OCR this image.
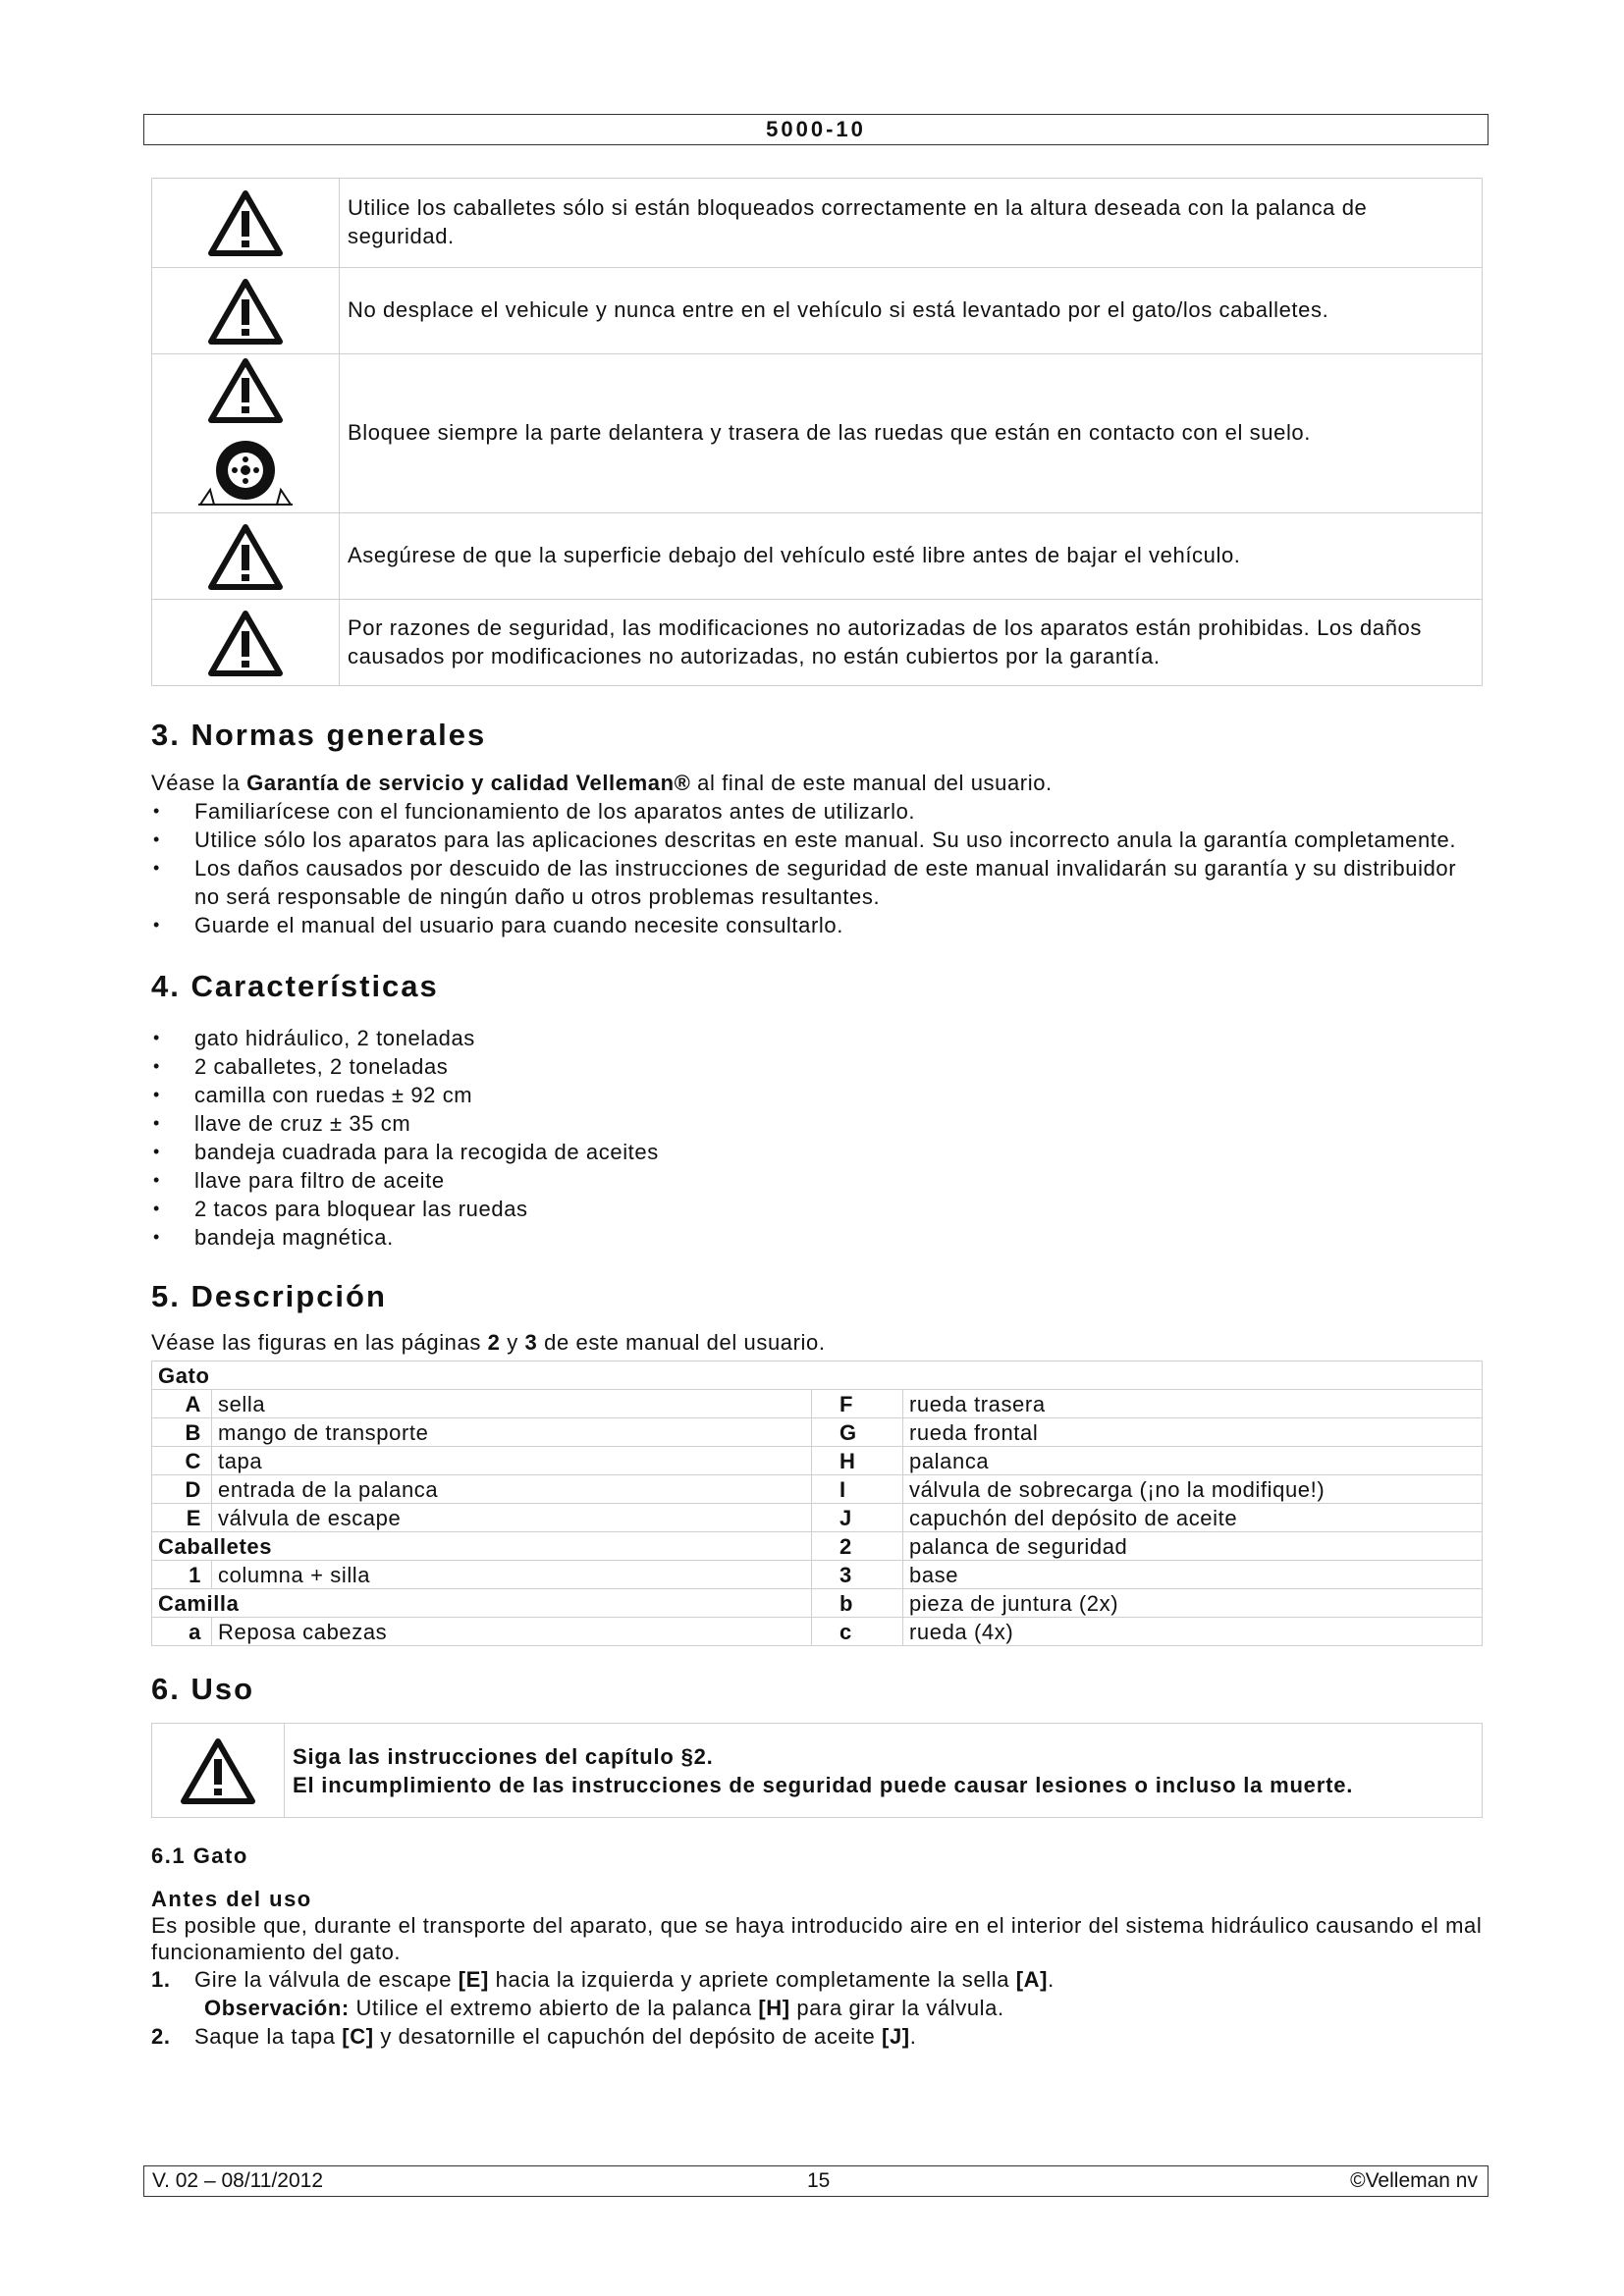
5000-10
	Utilice los caballetes sólo si están bloqueados correctamente en la altura deseada con la palanca de seguridad.
	No desplace el vehicule y nunca entre en el vehículo si está levantado por el gato/los caballetes.
	Bloquee siempre la parte delantera y trasera de las ruedas que están en contacto con el suelo.
	Asegúrese de que la superficie debajo del vehículo esté libre antes de bajar el vehículo.
	Por razones de seguridad, las modificaciones no autorizadas de los aparatos están prohibidas. Los daños causados por modificaciones no autorizadas, no están cubiertos por la garantía.
3. Normas generales

Véase la Garantía de servicio y calidad Velleman® al final de este manual del usuario.

• Familiarícese con el funcionamiento de los aparatos antes de utilizarlo.
• Utilice sólo los aparatos para las aplicaciones descritas en este manual. Su uso incorrecto anula la garantía completamente.
• Los daños causados por descuido de las instrucciones de seguridad de este manual invalidarán su garantía y su distribuidor no será responsable de ningún daño u otros problemas resultantes.
• Guarde el manual del usuario para cuando necesite consultarlo.
4. Características
• gato hidráulico, 2 toneladas
• 2 caballetes, 2 toneladas
• camilla con ruedas ± 92 cm
• llave de cruz ± 35 cm
• bandeja cuadrada para la recogida de aceites
• llave para filtro de aceite
• 2 tacos para bloquear las ruedas
• bandeja magnética.
5. Descripción

Véase las figuras en las páginas 2 y 3 de este manual del usuario.

Gato			
A	sella	F	rueda trasera
B	mango de transporte	G	rueda frontal
C	tapa	H	palanca
D	entrada de la palanca	I	válvula de sobrecarga (¡no la modifique!)
E	válvula de escape	J	capuchón del depósito de aceite
Caballetes		2	palanca de seguridad
1	columna + silla	3	base
Camilla		b	pieza de juntura (2x)
a	Reposa cabezas	c	rueda (4x)
6. Uso

Siga las instrucciones del capítulo §2.
El incumplimiento de las instrucciones de seguridad puede causar lesiones o incluso la muerte.
6.1 Gato
Antes del uso

Es posible que, durante el transporte del aparato, que se haya introducido aire en el interior del sistema hidráulico causando el mal funcionamiento del gato.

1. Gire la válvula de escape [E] hacia la izquierda y apriete completamente la sella [A].
Observación: Utilice el extremo abierto de la palanca [H] para girar la válvula.
2. Saque la tapa [C] y desatornille el capuchón del depósito de aceite [J].
V. 02 – 08/11/2012	15	©Velleman nv
